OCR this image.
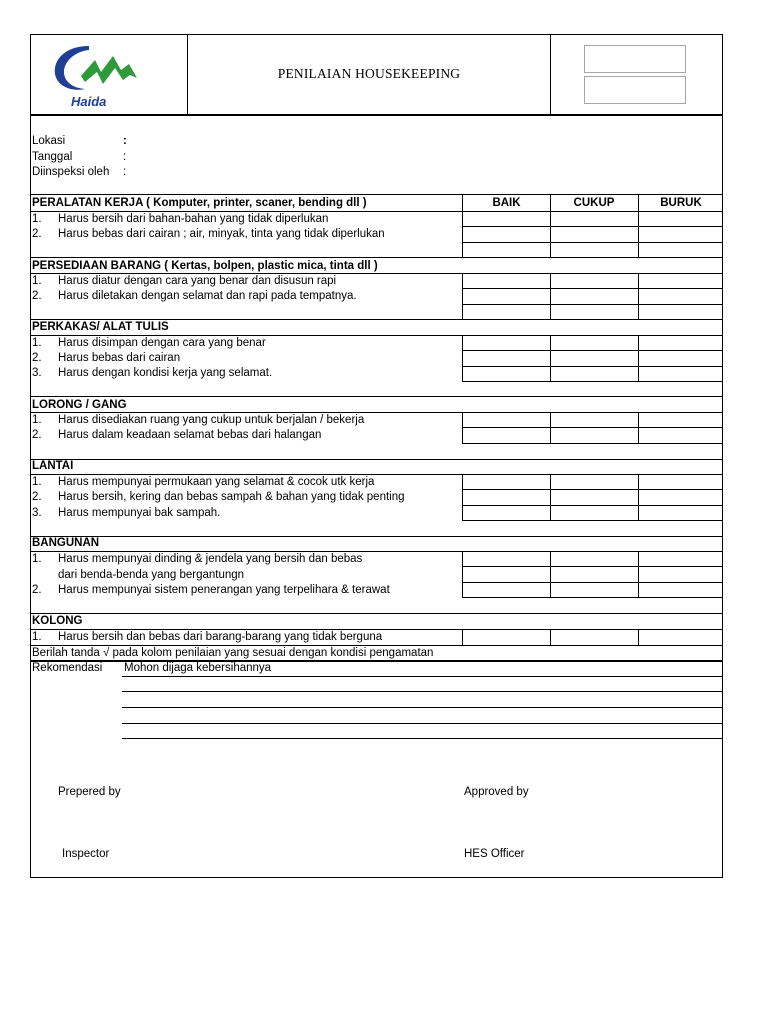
Haida
PENILAIAN HOUSEKEEPING
Lokasi	:
Tanggal	:
Diinspeksi oleh :
BAIK	CUKUP	BURUK
PERALATAN KERJA ( Komputer, printer, scaner, bending dll )
1. Harus bersih dari bahan-bahan yang tidak diperlukan
2. Harus bebas dari cairan ; air, minyak, tinta yang tidak diperlukan
PERSEDIAAN BARANG ( Kertas, bolpen, plastic mica, tinta dll )
1. Harus diatur dengan cara yang benar dan disusun rapi
2. Harus diletakan dengan selamat dan rapi pada tempatnya.
PERKAKAS/ ALAT TULIS
1. Harus disimpan dengan cara yang benar
2. Harus bebas dari cairan
3. Harus dengan kondisi kerja yang selamat.
LORONG / GANG
1. Harus disediakan ruang yang cukup untuk berjalan / bekerja
2. Harus dalam keadaan selamat bebas dari halangan
LANTAI
1. Harus mempunyai permukaan yang selamat & cocok utk kerja
2. Harus bersih, kering dan bebas sampah & bahan yang tidak penting
3. Harus mempunyai bak sampah.
BANGUNAN
1. Harus mempunyai dinding & jendela yang bersih dan bebas
dari benda-benda yang bergantungn
2. Harus mempunyai sistem penerangan yang terpelihara & terawat
KOLONG
1. Harus bersih dan bebas dari barang-barang yang tidak berguna
Berilah tanda √ pada kolom penilaian yang sesuai dengan kondisi pengamatan
Rekomendasi Mohon dijaga kebersihannya
Prepered by	Approved by
Inspector	HES Officer
